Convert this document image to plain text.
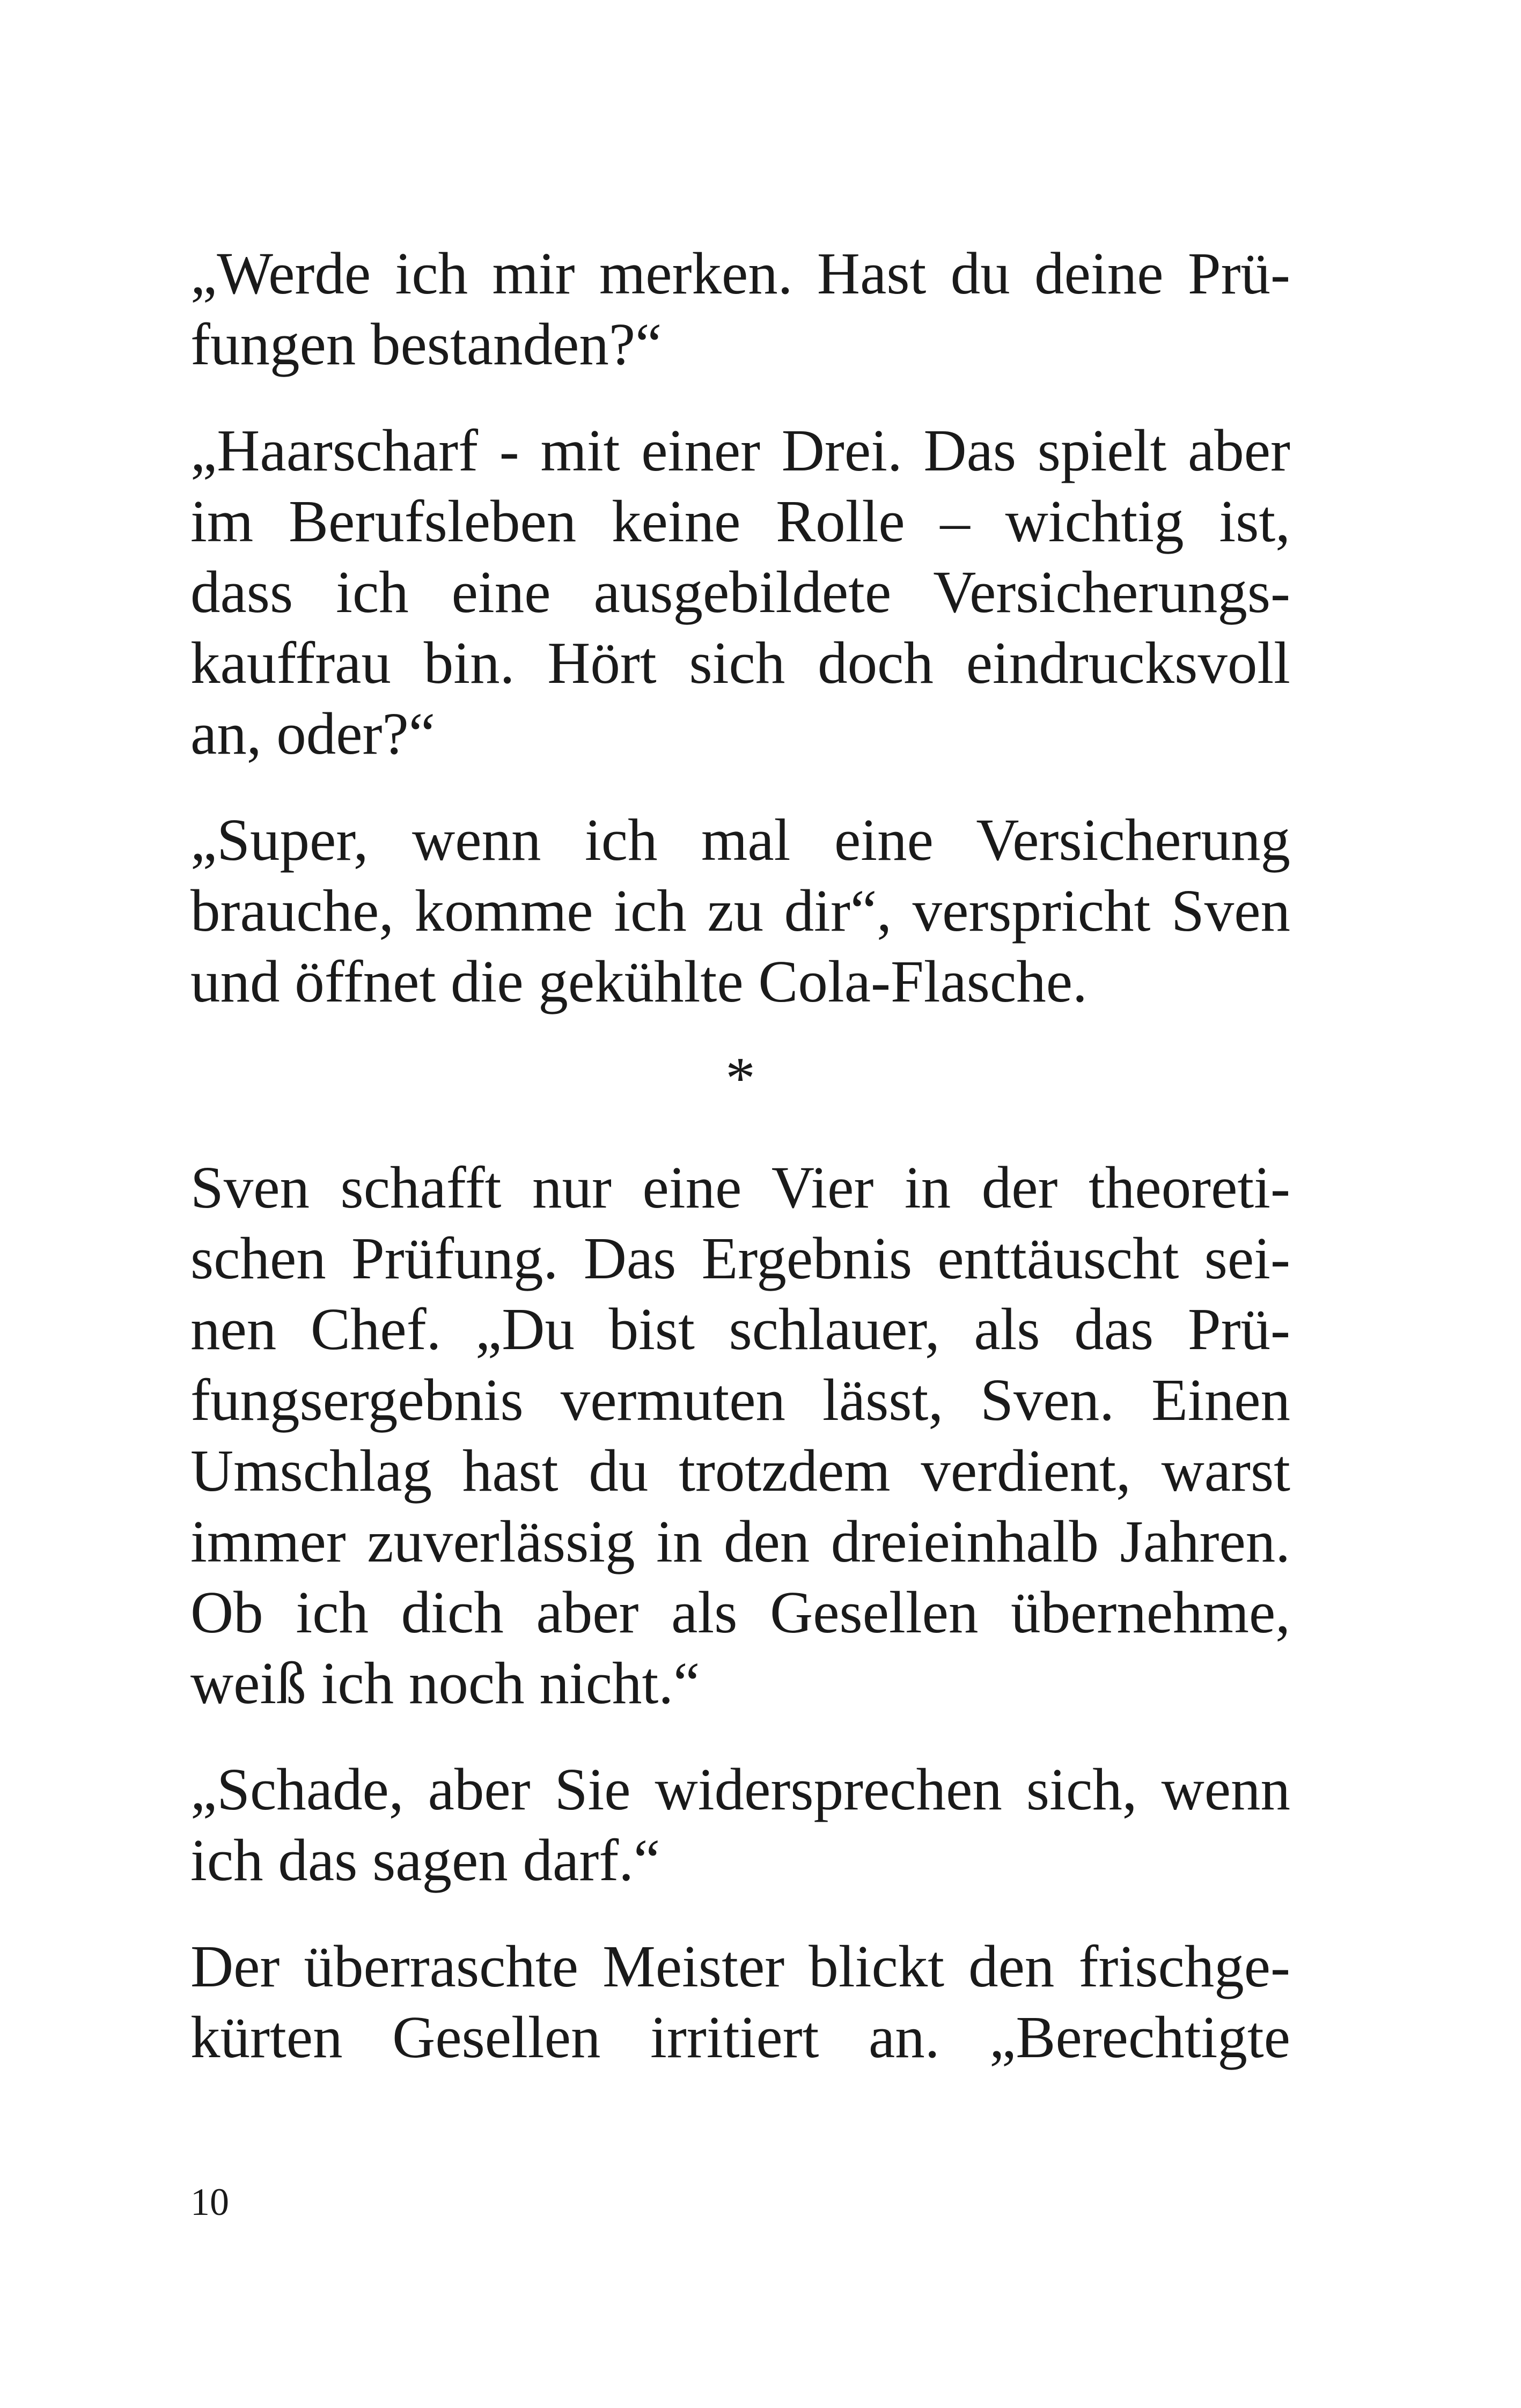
„Werde ich mir merken. Hast du deine Prü-
fungen bestanden?“
„Haarscharf - mit einer Drei. Das spielt aber
im Berufsleben keine Rolle – wichtig ist,
dass ich eine ausgebildete Versicherungs-
kauffrau bin. Hört sich doch eindrucksvoll
an, oder?“
„Super, wenn ich mal eine Versicherung
brauche, komme ich zu dir“, verspricht Sven
und öffnet die gekühlte Cola-Flasche.
*
Sven schafft nur eine Vier in der theoreti-
schen Prüfung. Das Ergebnis enttäuscht sei-
nen Chef. „Du bist schlauer, als das Prü-
fungsergebnis vermuten lässt, Sven. Einen
Umschlag hast du trotzdem verdient, warst
immer zuverlässig in den dreieinhalb Jahren.
Ob ich dich aber als Gesellen übernehme,
weiß ich noch nicht.“
„Schade, aber Sie widersprechen sich, wenn
ich das sagen darf.“
Der überraschte Meister blickt den frischge-
kürten Gesellen irritiert an. „Berechtigte
10
